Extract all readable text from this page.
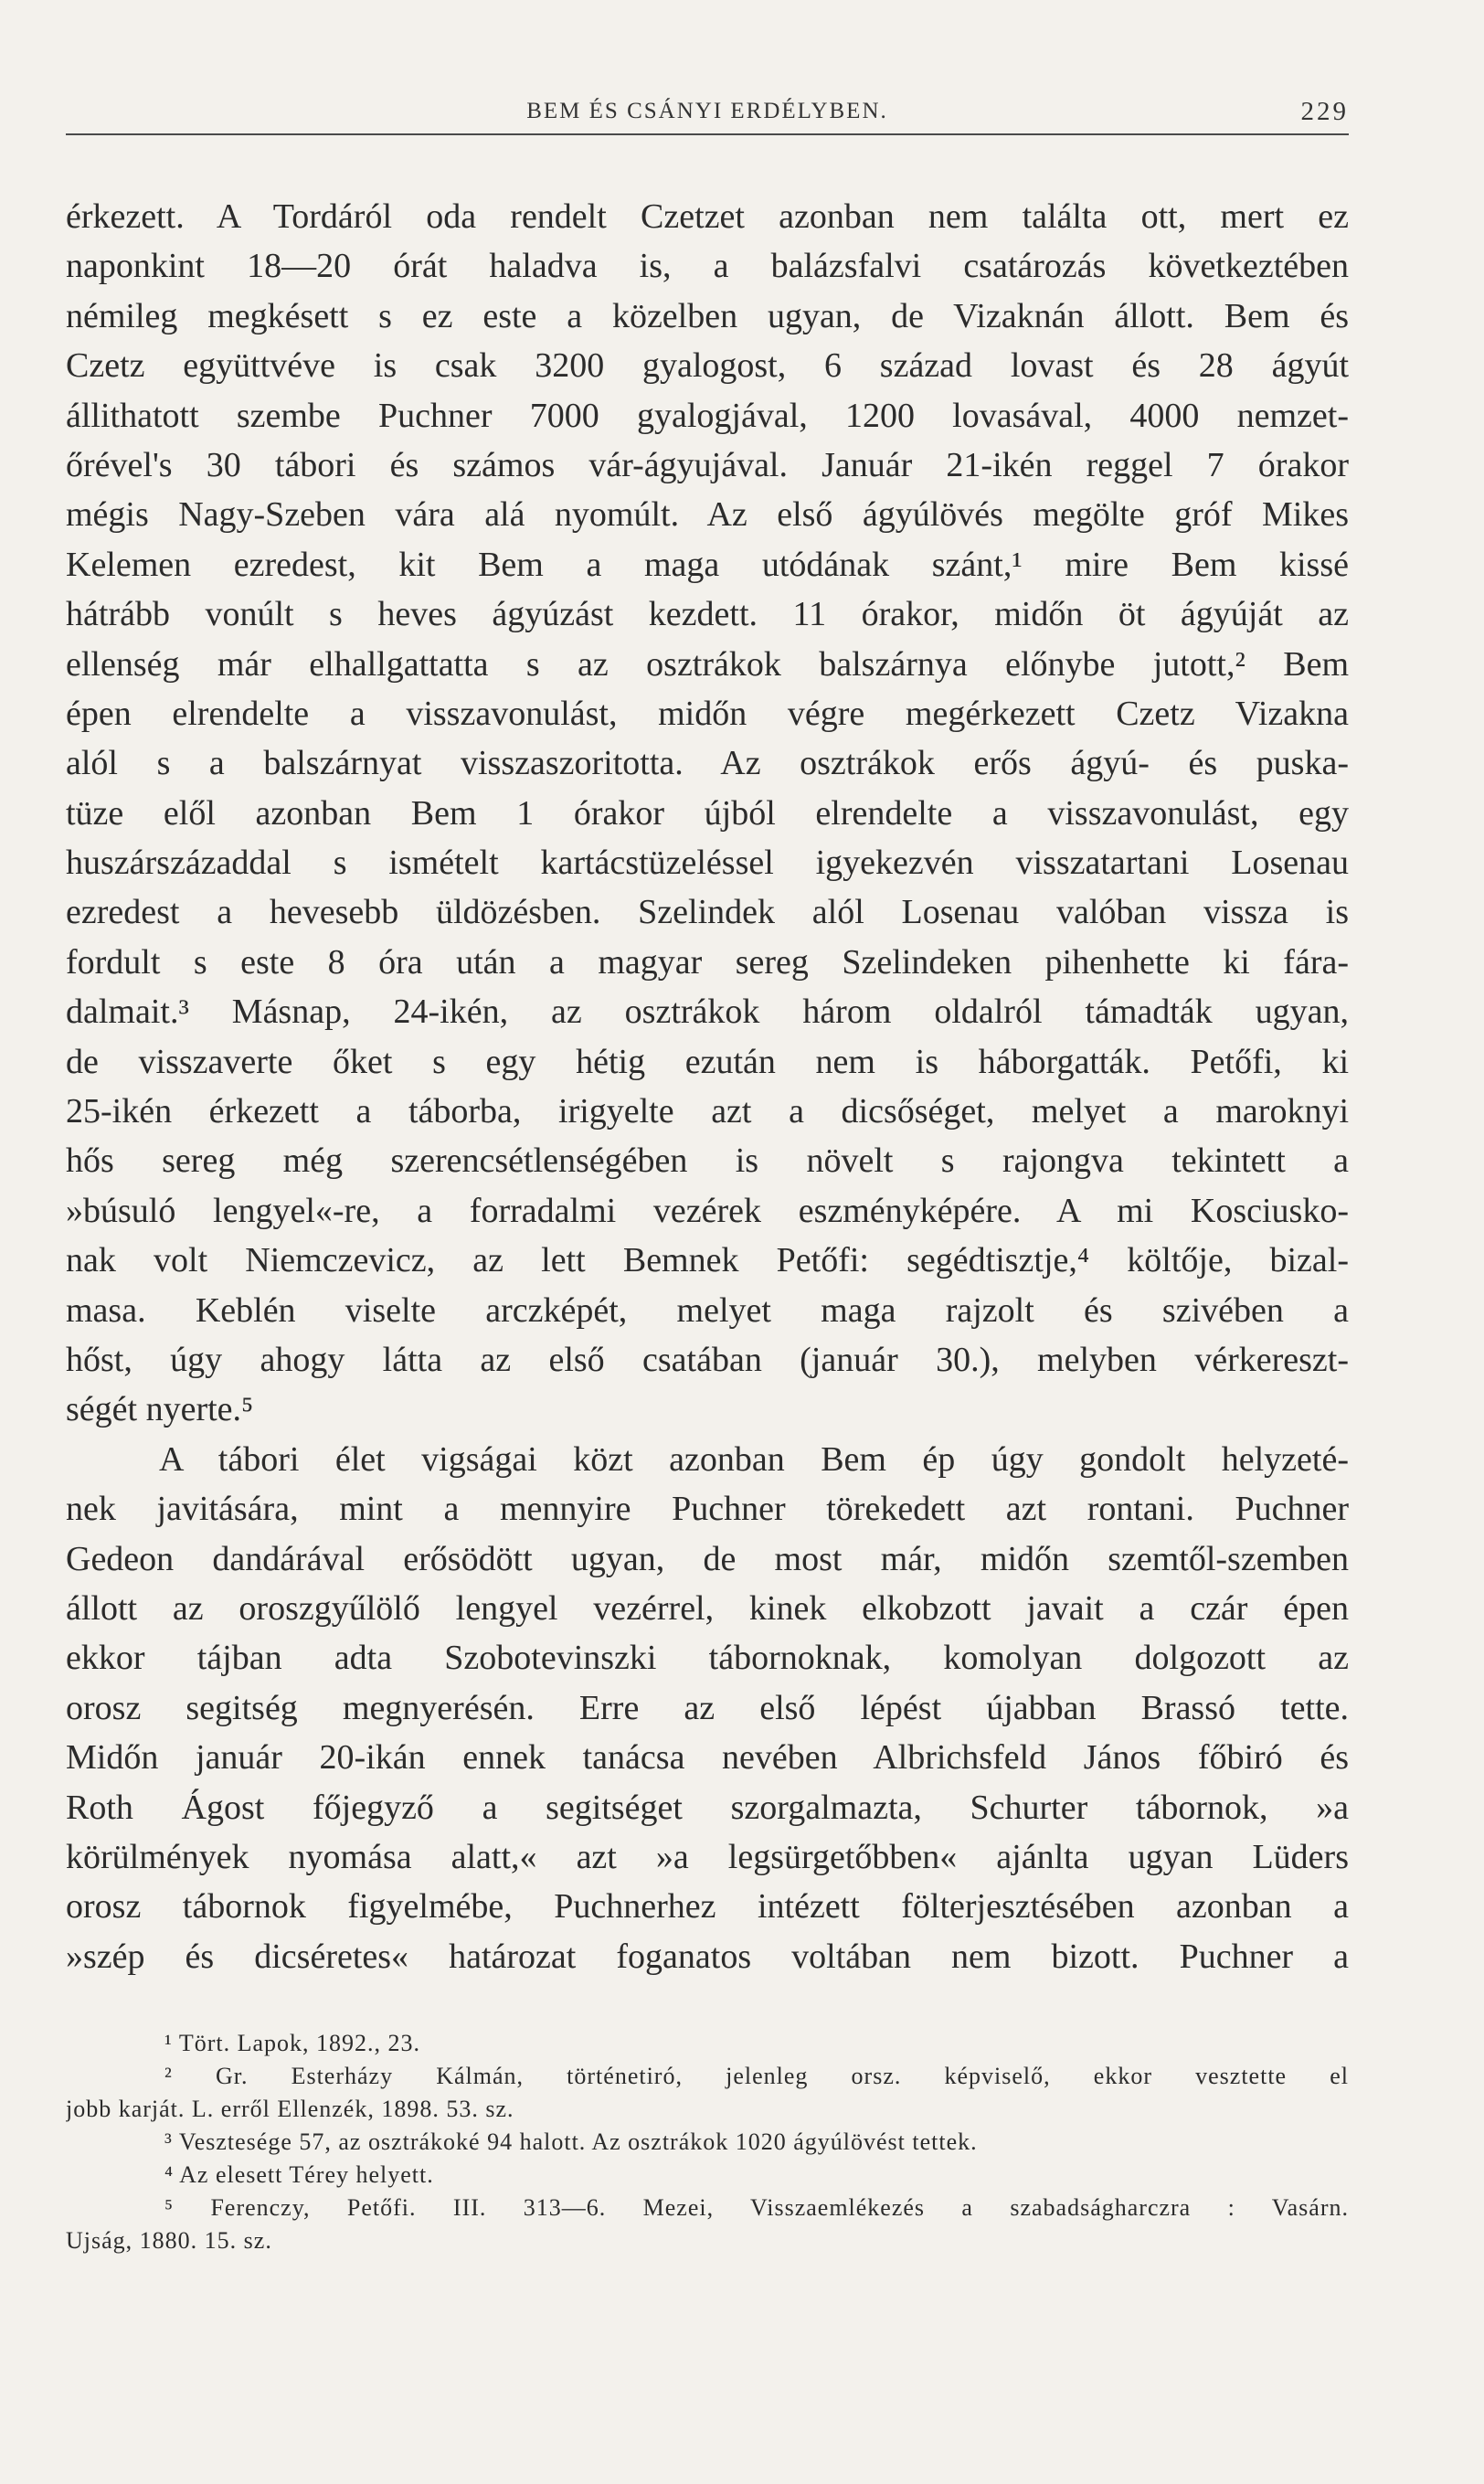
BEM ÉS CSÁNYI ERDÉLYBEN.	229
érkezett. A Tordáról oda rendelt Czetzet azonban nem találta ott, mert ez
naponkint 18—20 órát haladva is, a balázsfalvi csatározás következtében
némileg megkésett s ez este a közelben ugyan, de Vizaknán állott. Bem és
Czetz együttvéve is csak 3200 gyalogost, 6 század lovast és 28 ágyút
állithatott szembe Puchner 7000 gyalogjával, 1200 lovasával, 4000 nemzet-
őrével's 30 tábori és számos vár-ágyujával. Január 21-ikén reggel 7 órakor
mégis Nagy-Szeben vára alá nyomúlt. Az első ágyúlövés megölte gróf Mikes
Kelemen ezredest, kit Bem a maga utódának szánt,¹ mire Bem kissé
hátrább vonúlt s heves ágyúzást kezdett. 11 órakor, midőn öt ágyúját az
ellenség már elhallgattatta s az osztrákok balszárnya előnybe jutott,² Bem
épen elrendelte a visszavonulást, midőn végre megérkezett Czetz Vizakna
alól s a balszárnyat visszaszoritotta. Az osztrákok erős ágyú- és puska-
tüze elől azonban Bem 1 órakor újból elrendelte a visszavonulást, egy
huszárszázaddal s ismételt kartácstüzeléssel igyekezvén visszatartani Losenau
ezredest a hevesebb üldözésben. Szelindek alól Losenau valóban vissza is
fordult s este 8 óra után a magyar sereg Szelindeken pihenhette ki fára-
dalmait.³ Másnap, 24-ikén, az osztrákok három oldalról támadták ugyan,
de visszaverte őket s egy hétig ezután nem is háborgatták. Petőfi, ki
25-ikén érkezett a táborba, irigyelte azt a dicsőséget, melyet a maroknyi
hős sereg még szerencsétlenségében is növelt s rajongva tekintett a
»búsuló lengyel«-re, a forradalmi vezérek eszményképére. A mi Kosciusko-
nak volt Niemczevicz, az lett Bemnek Petőfi: segédtisztje,⁴ költője, bizal-
masa. Keblén viselte arczképét, melyet maga rajzolt és szivében a
hőst, úgy ahogy látta az első csatában (január 30.), melyben vérkereszt-
ségét nyerte.⁵
A tábori élet vigságai közt azonban Bem ép úgy gondolt helyzeté-
nek javitására, mint a mennyire Puchner törekedett azt rontani. Puchner
Gedeon dandárával erősödött ugyan, de most már, midőn szemtől-szemben
állott az oroszgyűlölő lengyel vezérrel, kinek elkobzott javait a czár épen
ekkor tájban adta Szobotevinszki tábornoknak, komolyan dolgozott az
orosz segitség megnyerésén. Erre az első lépést újabban Brassó tette.
Midőn január 20-ikán ennek tanácsa nevében Albrichsfeld János főbiró és
Roth Ágost főjegyző a segitséget szorgalmazta, Schurter tábornok, »a
körülmények nyomása alatt,« azt »a legsürgetőbben« ajánlta ugyan Lüders
orosz tábornok figyelmébe, Puchnerhez intézett fölterjesztésében azonban a
»szép és dicséretes« határozat foganatos voltában nem bizott. Puchner a
¹ Tört. Lapok, 1892., 23.
² Gr. Esterházy Kálmán, történetiró, jelenleg orsz. képviselő, ekkor vesztette el
jobb karját. L. erről Ellenzék, 1898. 53. sz.
³ Vesztesége 57, az osztrákoké 94 halott. Az osztrákok 1020 ágyúlövést tettek.
⁴ Az elesett Térey helyett.
⁵ Ferenczy, Petőfi. III. 313—6. Mezei, Visszaemlékezés a szabadságharczra : Vasárn.
Ujság, 1880. 15. sz.
